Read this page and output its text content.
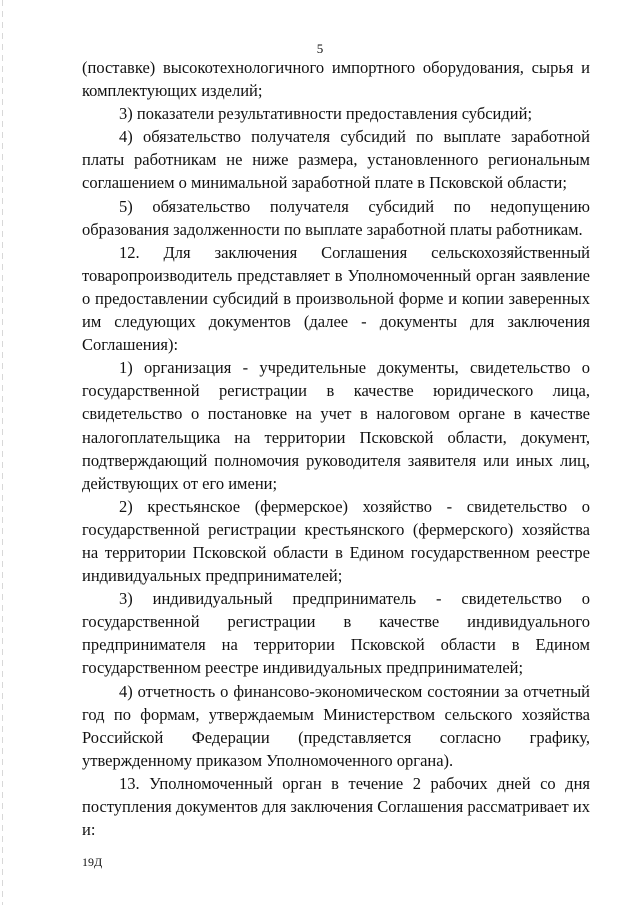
5

(поставке) высокотехнологичного импортного оборудования, сырья и комплектующих изделий;

3) показатели результативности предоставления субсидий;

4) обязательство получателя субсидий по выплате заработной платы работникам не ниже размера, установленного региональным соглашением о минимальной заработной плате в Псковской области;

5) обязательство получателя субсидий по недопущению образования задолженности по выплате заработной платы работникам.

12. Для заключения Соглашения сельскохозяйственный товаропроизводитель представляет в Уполномоченный орган заявление о предоставлении субсидий в произвольной форме и копии заверенных им следующих документов (далее - документы для заключения Соглашения):

1) организация - учредительные документы, свидетельство о государственной регистрации в качестве юридического лица, свидетельство о постановке на учет в налоговом органе в качестве налогоплательщика на территории Псковской области, документ, подтверждающий полномочия руководителя заявителя или иных лиц, действующих от его имени;

2) крестьянское (фермерское) хозяйство - свидетельство о государственной регистрации крестьянского (фермерского) хозяйства на территории Псковской области в Едином государственном реестре индивидуальных предпринимателей;

3) индивидуальный предприниматель - свидетельство о государственной регистрации в качестве индивидуального предпринимателя на территории Псковской области в Едином государственном реестре индивидуальных предпринимателей;

4) отчетность о финансово-экономическом состоянии за отчетный год по формам, утверждаемым Министерством сельского хозяйства Российской Федерации (представляется согласно графику, утвержденному приказом Уполномоченного органа).

13. Уполномоченный орган в течение 2 рабочих дней со дня поступления документов для заключения Соглашения рассматривает их и:

19Д
